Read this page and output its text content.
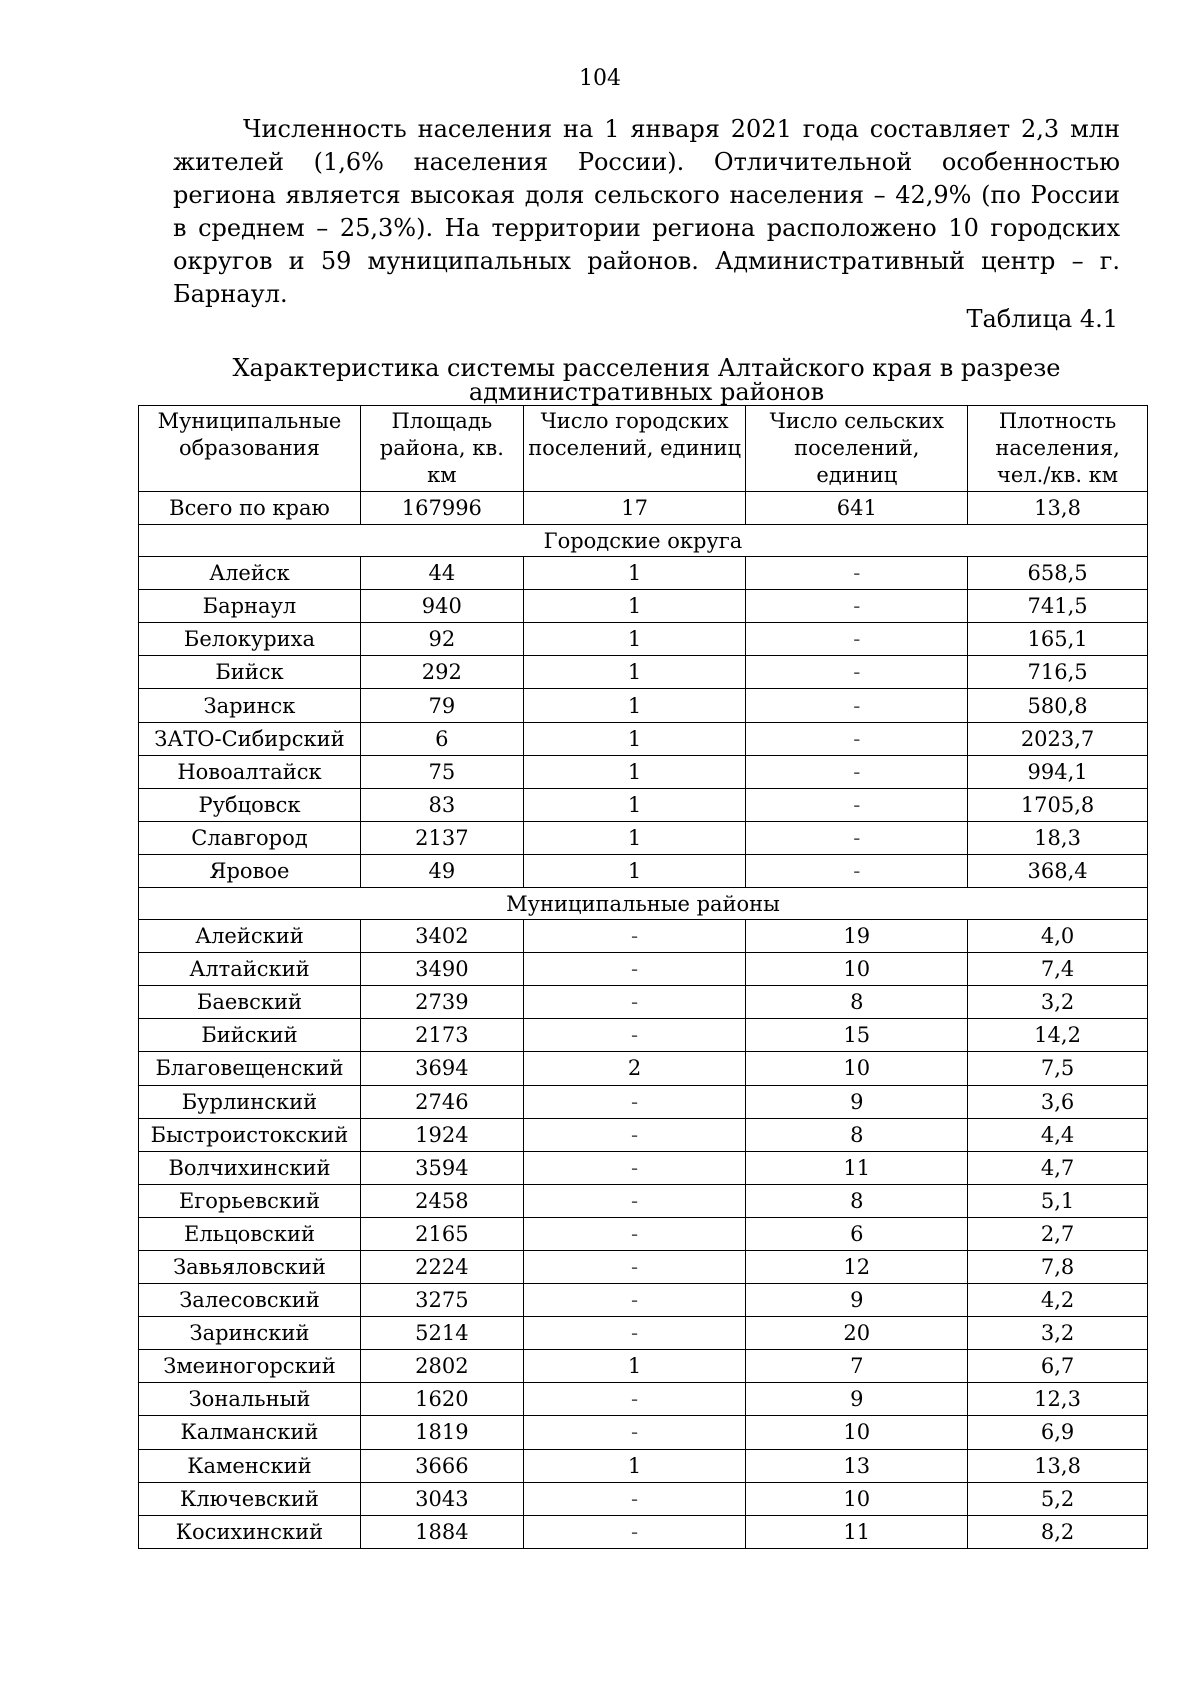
104

Численность населения на 1 января 2021 года составляет 2,3 млн жителей (1,6% населения России). Отличительной особенностью региона является высокая доля сельского населения – 42,9% (по России в среднем – 25,3%). На территории региона расположено 10 городских округов и 59 муниципальных районов. Административный центр – г. Барнаул.

Таблица 4.1

Характеристика системы расселения Алтайского края в разрезе административных районов

Муниципальные образования	Площадь района, кв. км	Число городских поселений, единиц	Число сельских поселений, единиц	Плотность населения, чел./кв. км
Всего по краю	167996	17	641	13,8
Городские округа				
Алейск	44	1	-	658,5
Барнаул	940	1	-	741,5
Белокуриха	92	1	-	165,1
Бийск	292	1	-	716,5
Заринск	79	1	-	580,8
ЗАТО-Сибирский	6	1	-	2023,7
Новоалтайск	75	1	-	994,1
Рубцовск	83	1	-	1705,8
Славгород	2137	1	-	18,3
Яровое	49	1	-	368,4
Муниципальные районы				
Алейский	3402	-	19	4,0
Алтайский	3490	-	10	7,4
Баевский	2739	-	8	3,2
Бийский	2173	-	15	14,2
Благовещенский	3694	2	10	7,5
Бурлинский	2746	-	9	3,6
Быстроистокский	1924	-	8	4,4
Волчихинский	3594	-	11	4,7
Егорьевский	2458	-	8	5,1
Ельцовский	2165	-	6	2,7
Завьяловский	2224	-	12	7,8
Залесовский	3275	-	9	4,2
Заринский	5214	-	20	3,2
Змеиногорский	2802	1	7	6,7
Зональный	1620	-	9	12,3
Калманский	1819	-	10	6,9
Каменский	3666	1	13	13,8
Ключевский	3043	-	10	5,2
Косихинский	1884	-	11	8,2
